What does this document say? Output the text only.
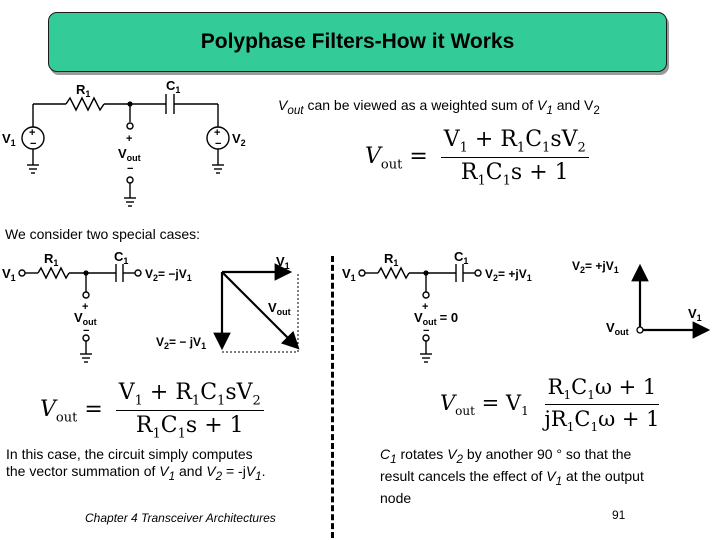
Polyphase Filters-How it Works
+
−
+
−
+
−
$V_1$	$V_2$
$R_1$
$C_1$
$V_{out}$
$V_{out}$ can be viewed as a weighted sum of $V_1$ and $V_2$
$V_{out} = \frac{V_1 + R_1C_1sV_2}{R_1C_1s + 1}$
We consider two special cases:
+
−
$V_1$
$R_1$	$C_1$
$V_2= -jV_1$
$V_{out}$
$V_1$
$V_{out}$
$V_2= - jV_1$
$V_{out} = \frac{V_1 + R_1C_1sV_2}{R_1C_1s + 1}$
In this case, the circuit simply computes
the vector summation of $V_1$ and $V_2 = -jV_1$.
+
−
$V_1$
$R_1$	$C_1$
$V_2= +jV_1$
$V_{out} = 0$
$V_2= +jV_1$
$V_1$
$V_{out}$
$V_{out} = V_1 \frac{R_1C_1\omega + 1}{jR_1C_1\omega + 1}$
$C_1$ rotates $V_2$ by another 90 ° so that the
result cancels the effect of $V_1$ at the output
node
Chapter 4 Transceiver Architectures	91
